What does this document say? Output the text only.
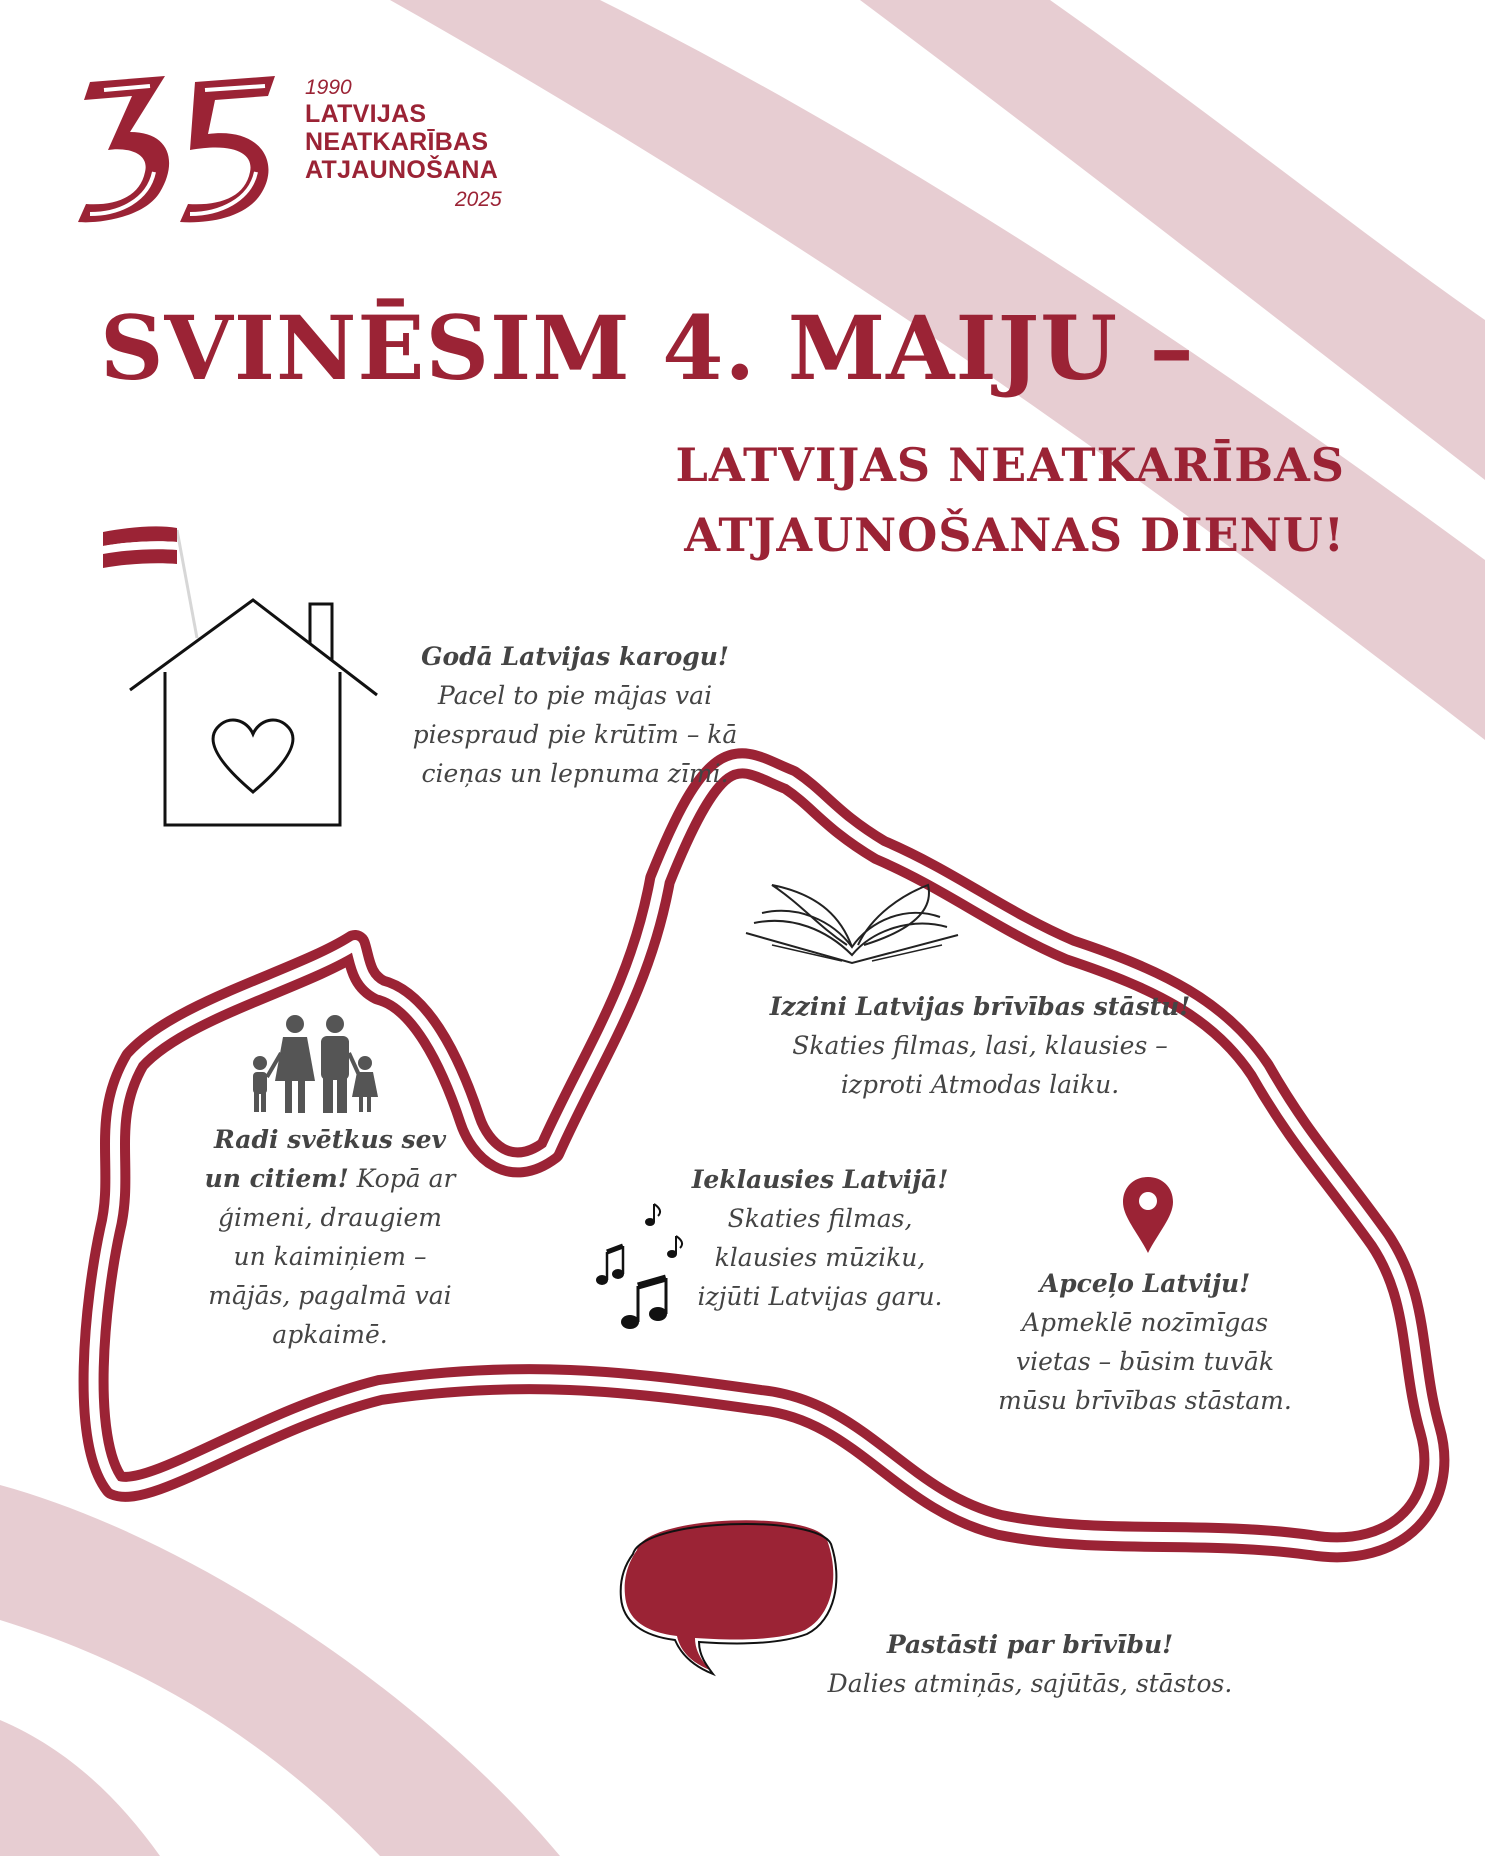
1990
LATVIJAS
NEATKARĪBAS
ATJAUNOŠANA
2025
SVINĒSIM 4. MAIJU –
LATVIJAS NEATKARĪBAS
ATJAUNOŠANAS DIENU!
Godā Latvijas karogu!
Pacel to pie mājas vai
piespraud pie krūtīm – kā
cieņas un lepnuma zīmi.
Izzini Latvijas brīvības stāstu!
Skaties filmas, lasi, klausies –
izproti Atmodas laiku.
Radi svētkus sev
un citiem! Kopā ar
ģimeni, draugiem
un kaimiņiem –
mājās, pagalmā vai
apkaimē.
Ieklausies Latvijā!
Skaties filmas,
klausies mūziku,
izjūti Latvijas garu.	Apceļo Latviju!
Apmeklē nozīmīgas
vietas – būsim tuvāk
mūsu brīvības stāstam.
Pastāsti par brīvību!
Dalies atmiņās, sajūtās, stāstos.
